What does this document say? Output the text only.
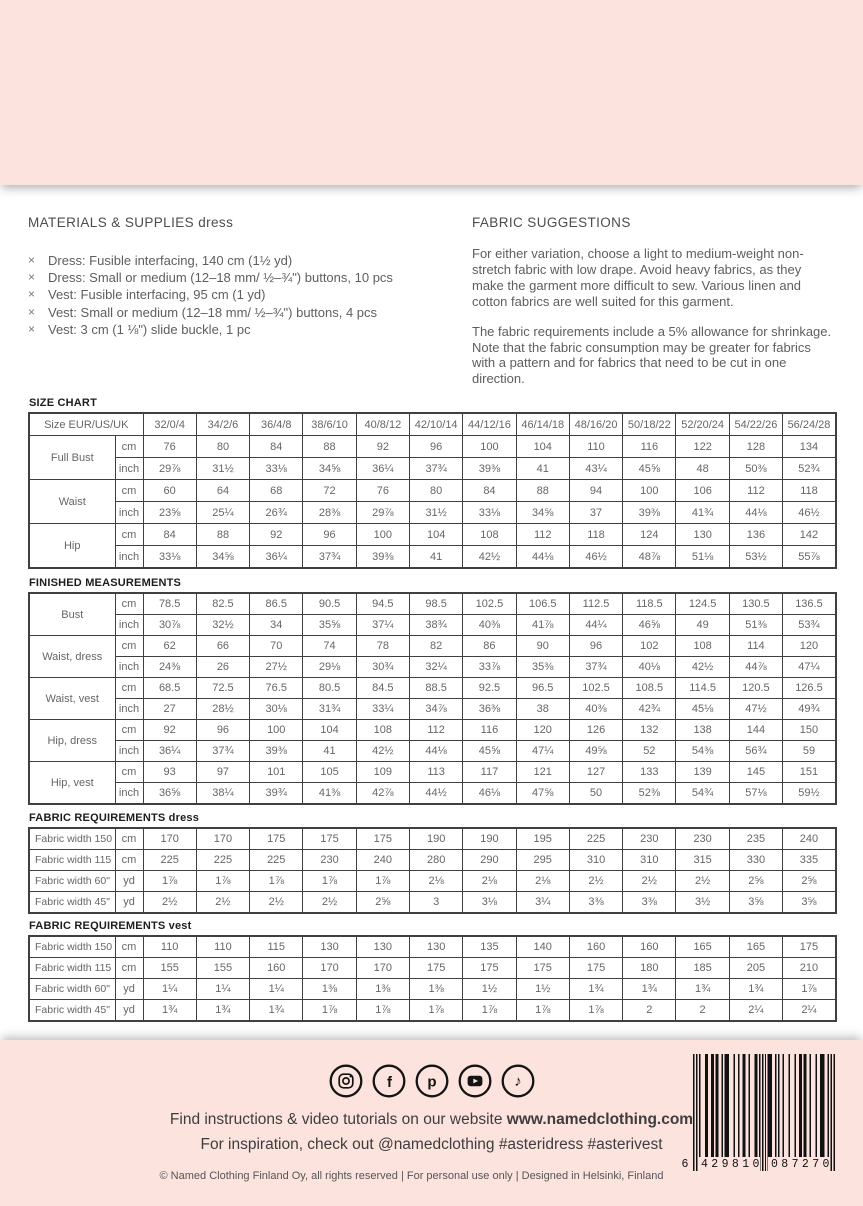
MATERIALS & SUPPLIES dress
× Dress: Fusible interfacing, 140 cm (1½ yd)
× Dress: Small or medium (12–18 mm/ ½–¾") buttons, 10 pcs
× Vest: Fusible interfacing, 95 cm (1 yd)
× Vest: Small or medium (12–18 mm/ ½–¾") buttons, 4 pcs
× Vest: 3 cm (1 ⅛") slide buckle, 1 pc
FABRIC SUGGESTIONS

For either variation, choose a light to medium-weight non-stretch fabric with low drape. Avoid heavy fabrics, as they make the garment more difficult to sew. Various linen and cotton fabrics are well suited for this garment.

The fabric requirements include a 5% allowance for shrinkage. Note that the fabric consumption may be greater for fabrics with a pattern and for fabrics that need to be cut in one direction.

SIZE CHART
Size EUR/US/UK		32/0/4	34/2/6	36/4/8	38/6/10	40/8/12	42/10/14	44/12/16	46/14/18	48/16/20	50/18/22	52/20/24	54/22/26	56/24/28
Full Bust	cm	76	80	84	88	92	96	100	104	110	116	122	128	134
	inch	29⅞	31½	33⅛	34⅝	36¼	37¾	39⅜	41	43¼	45⅝	48	50⅜	52¾
Waist	cm	60	64	68	72	76	80	84	88	94	100	106	112	118
	inch	23⅝	25¼	26¾	28⅜	29⅞	31½	33⅛	34⅝	37	39⅜	41¾	44⅛	46½
Hip	cm	84	88	92	96	100	104	108	112	118	124	130	136	142
	inch	33⅛	34⅝	36¼	37¾	39⅜	41	42½	44⅛	46½	48⅞	51⅛	53½	55⅞
FINISHED MEASUREMENTS
Bust	cm	78.5	82.5	86.5	90.5	94.5	98.5	102.5	106.5	112.5	118.5	124.5	130.5	136.5
	inch	30⅞	32½	34	35⅝	37¼	38¾	40⅜	41⅞	44¼	46⅝	49	51⅜	53¾
Waist, dress	cm	62	66	70	74	78	82	86	90	96	102	108	114	120
	inch	24⅜	26	27½	29⅛	30¾	32¼	33⅞	35⅜	37¾	40⅛	42½	44⅞	47¼
Waist, vest	cm	68.5	72.5	76.5	80.5	84.5	88.5	92.5	96.5	102.5	108.5	114.5	120.5	126.5
	inch	27	28½	30⅛	31¾	33¼	34⅞	36⅜	38	40⅜	42¾	45⅛	47½	49¾
Hip, dress	cm	92	96	100	104	108	112	116	120	126	132	138	144	150
	inch	36¼	37¾	39⅜	41	42½	44⅛	45⅝	47¼	49⅝	52	54⅜	56¾	59
Hip, vest	cm	93	97	101	105	109	113	117	121	127	133	139	145	151
	inch	36⅝	38¼	39¾	41⅜	42⅞	44½	46⅛	47⅝	50	52⅜	54¾	57⅛	59½
FABRIC REQUIREMENTS dress
Fabric width 150	cm	170	170	175	175	175	190	190	195	225	230	230	235	240
Fabric width 115	cm	225	225	225	230	240	280	290	295	310	310	315	330	335
Fabric width 60"	yd	1⅞	1⅞	1⅞	1⅞	1⅞	2⅛	2⅛	2⅛	2½	2½	2½	2⅝	2⅝
Fabric width 45"	yd	2½	2½	2½	2½	2⅝	3	3⅛	3¼	3⅜	3⅜	3½	3⅝	3⅝
FABRIC REQUIREMENTS vest
Fabric width 150	cm	110	110	115	130	130	130	135	140	160	160	165	165	175
Fabric width 115	cm	155	155	160	170	170	175	175	175	175	180	185	205	210
Fabric width 60"	yd	1¼	1¼	1¼	1⅜	1⅜	1⅜	1½	1½	1¾	1¾	1¾	1¾	1⅞
Fabric width 45"	yd	1¾	1¾	1¾	1⅞	1⅞	1⅞	1⅞	1⅞	1⅞	2	2	2¼	2¼
f p	♪

Find instructions & video tutorials on our website www.namedclothing.com

For inspiration, check out @namedclothing #asteridress #asterivest

© Named Clothing Finland Oy, all rights reserved | For personal use only | Designed in Helsinki, Finland

6 429810 087270
